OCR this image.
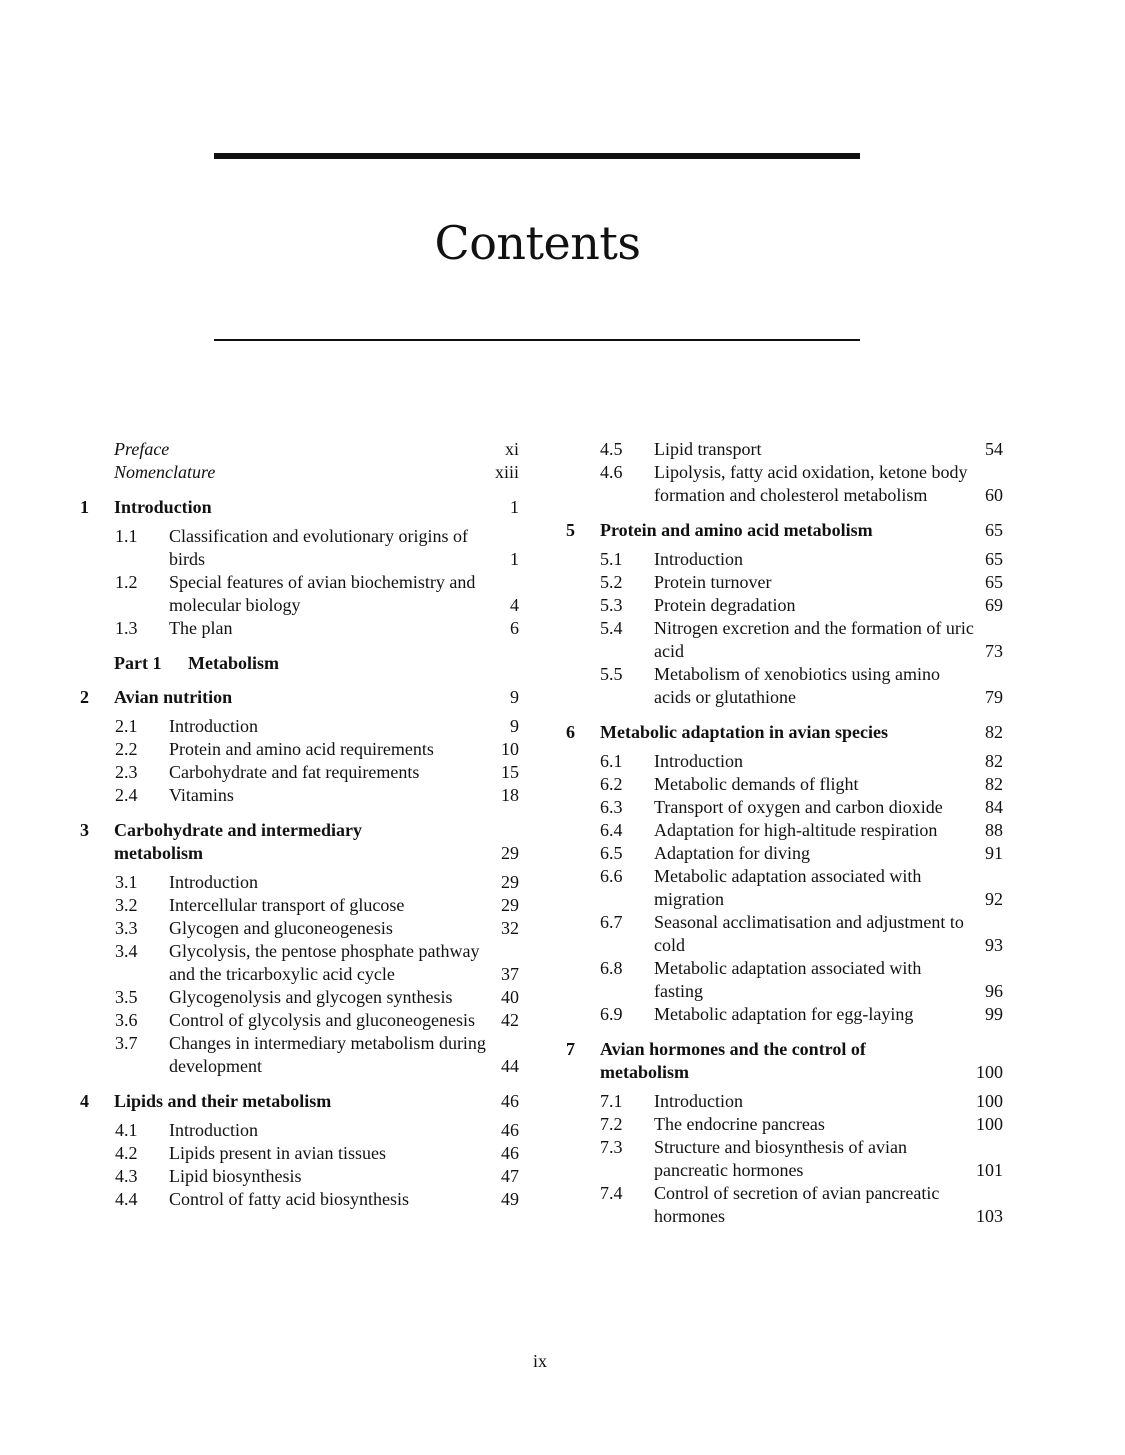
Contents
Preface	xi
Nomenclature	xiii
1 Introduction	1
1.1 Classification and evolutionary origins of birds	1
1.2 Special features of avian biochemistry and molecular biology	4
1.3 The plan	6
Part 1 Metabolism
2 Avian nutrition	9
2.1 Introduction	9
2.2 Protein and amino acid requirements	10
2.3 Carbohydrate and fat requirements	15
2.4 Vitamins	18
3 Carbohydrate and intermediary metabolism	29
3.1 Introduction	29
3.2 Intercellular transport of glucose	29
3.3 Glycogen and gluconeogenesis	32
3.4 Glycolysis, the pentose phosphate pathway and the tricarboxylic acid cycle	37
3.5 Glycogenolysis and glycogen synthesis	40
3.6 Control of glycolysis and gluconeogenesis	42
3.7 Changes in intermediary metabolism during development	44
4 Lipids and their metabolism	46
4.1 Introduction	46
4.2 Lipids present in avian tissues	46
4.3 Lipid biosynthesis	47
4.4 Control of fatty acid biosynthesis	49
4.5 Lipid transport	54
4.6 Lipolysis, fatty acid oxidation, ketone body formation and cholesterol metabolism	60
5 Protein and amino acid metabolism	65
5.1 Introduction	65
5.2 Protein turnover	65
5.3 Protein degradation	69
5.4 Nitrogen excretion and the formation of uric acid	73
5.5 Metabolism of xenobiotics using amino acids or glutathione	79
6 Metabolic adaptation in avian species	82
6.1 Introduction	82
6.2 Metabolic demands of flight	82
6.3 Transport of oxygen and carbon dioxide	84
6.4 Adaptation for high-altitude respiration	88
6.5 Adaptation for diving	91
6.6 Metabolic adaptation associated with migration	92
6.7 Seasonal acclimatisation and adjustment to cold	93
6.8 Metabolic adaptation associated with fasting	96
6.9 Metabolic adaptation for egg-laying	99
7 Avian hormones and the control of metabolism	100
7.1 Introduction	100
7.2 The endocrine pancreas	100
7.3 Structure and biosynthesis of avian pancreatic hormones	101
7.4 Control of secretion of avian pancreatic hormones	103
ix
